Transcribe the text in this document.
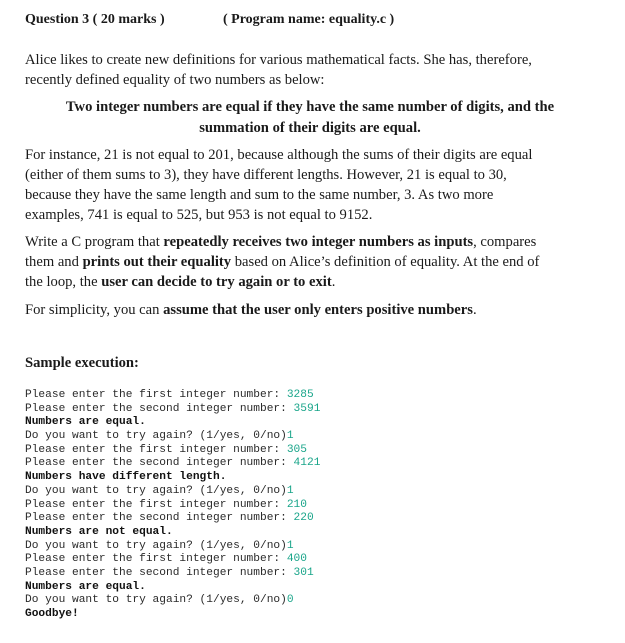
Question 3 ( 20 marks )	( Program name: equality.c )
Alice likes to create new definitions for various mathematical facts. She has, therefore,
recently defined equality of two numbers as below:
Two integer numbers are equal if they have the same number of digits, and the
summation of their digits are equal.
For instance, 21 is not equal to 201, because although the sums of their digits are equal
(either of them sums to 3), they have different lengths. However, 21 is equal to 30,
because they have the same length and sum to the same number, 3. As two more
examples, 741 is equal to 525, but 953 is not equal to 9152.
Write a C program that repeatedly receives two integer numbers as inputs, compares
them and prints out their equality based on Alice’s definition of equality. At the end of
the loop, the user can decide to try again or to exit.
For simplicity, you can assume that the user only enters positive numbers.
Sample execution:
Please enter the first integer number: 3285
Please enter the second integer number: 3591
Numbers are equal.
Do you want to try again? (1/yes, 0/no)1
Please enter the first integer number: 305
Please enter the second integer number: 4121
Numbers have different length.
Do you want to try again? (1/yes, 0/no)1
Please enter the first integer number: 210
Please enter the second integer number: 220
Numbers are not equal.
Do you want to try again? (1/yes, 0/no)1
Please enter the first integer number: 400
Please enter the second integer number: 301
Numbers are equal.
Do you want to try again? (1/yes, 0/no)0
Goodbye!
